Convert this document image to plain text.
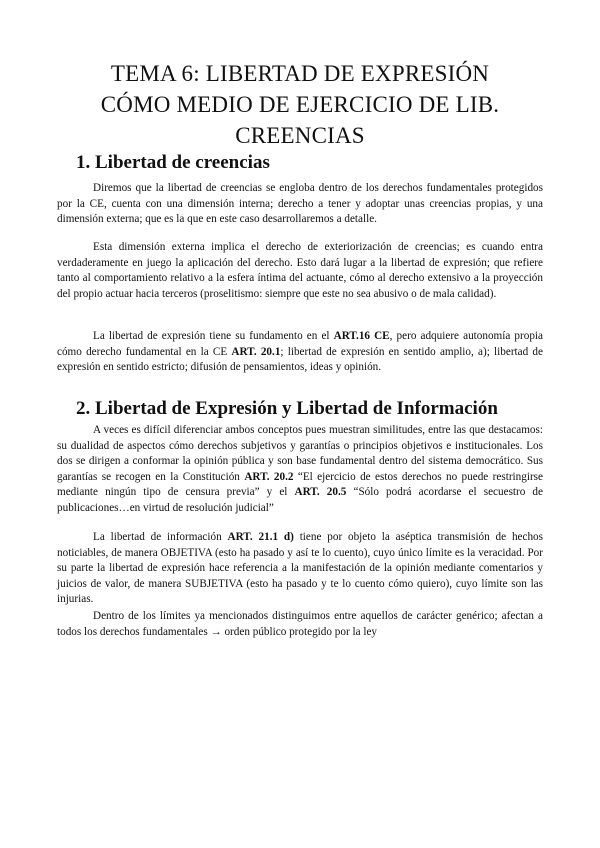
TEMA 6: LIBERTAD DE EXPRESIÓN
CÓMO MEDIO DE EJERCICIO DE LIB.
CREENCIAS
1. Libertad de creencias

Diremos que la libertad de creencias se engloba dentro de los derechos fundamentales protegidos por la CE, cuenta con una dimensión interna; derecho a tener y adoptar unas creencias propias, y una dimensión externa; que es la que en este caso desarrollaremos a detalle.

Esta dimensión externa implica el derecho de exteriorización de creencias; es cuando entra verdaderamente en juego la aplicación del derecho. Esto dará lugar a la libertad de expresión; que refiere tanto al comportamiento relativo a la esfera íntima del actuante, cómo al derecho extensivo a la proyección del propio actuar hacia terceros (proselitismo: siempre que este no sea abusivo o de mala calidad).

La libertad de expresión tiene su fundamento en el ART.16 CE, pero adquiere autonomía propia cómo derecho fundamental en la CE ART. 20.1; libertad de expresión en sentido amplio, a); libertad de expresión en sentido estricto; difusión de pensamientos, ideas y opinión.

2. Libertad de Expresión y Libertad de Información

A veces es difícil diferenciar ambos conceptos pues muestran similitudes, entre las que destacamos: su dualidad de aspectos cómo derechos subjetivos y garantías o principios objetivos e institucionales. Los dos se dirigen a conformar la opinión pública y son base fundamental dentro del sistema democrático. Sus garantías se recogen en la Constitución ART. 20.2 “El ejercicio de estos derechos no puede restringirse mediante ningún tipo de censura previa” y el ART. 20.5 “Sólo podrá acordarse el secuestro de publicaciones…en virtud de resolución judicial”

La libertad de información ART. 21.1 d) tiene por objeto la aséptica transmisión de hechos noticiables, de manera OBJETIVA (esto ha pasado y así te lo cuento), cuyo único límite es la veracidad. Por su parte la libertad de expresión hace referencia a la manifestación de la opinión mediante comentarios y juicios de valor, de manera SUBJETIVA (esto ha pasado y te lo cuento cómo quiero), cuyo límite son las injurias.

Dentro de los límites ya mencionados distinguimos entre aquellos de carácter genérico; afectan a todos los derechos fundamentales → orden público protegido por la ley
